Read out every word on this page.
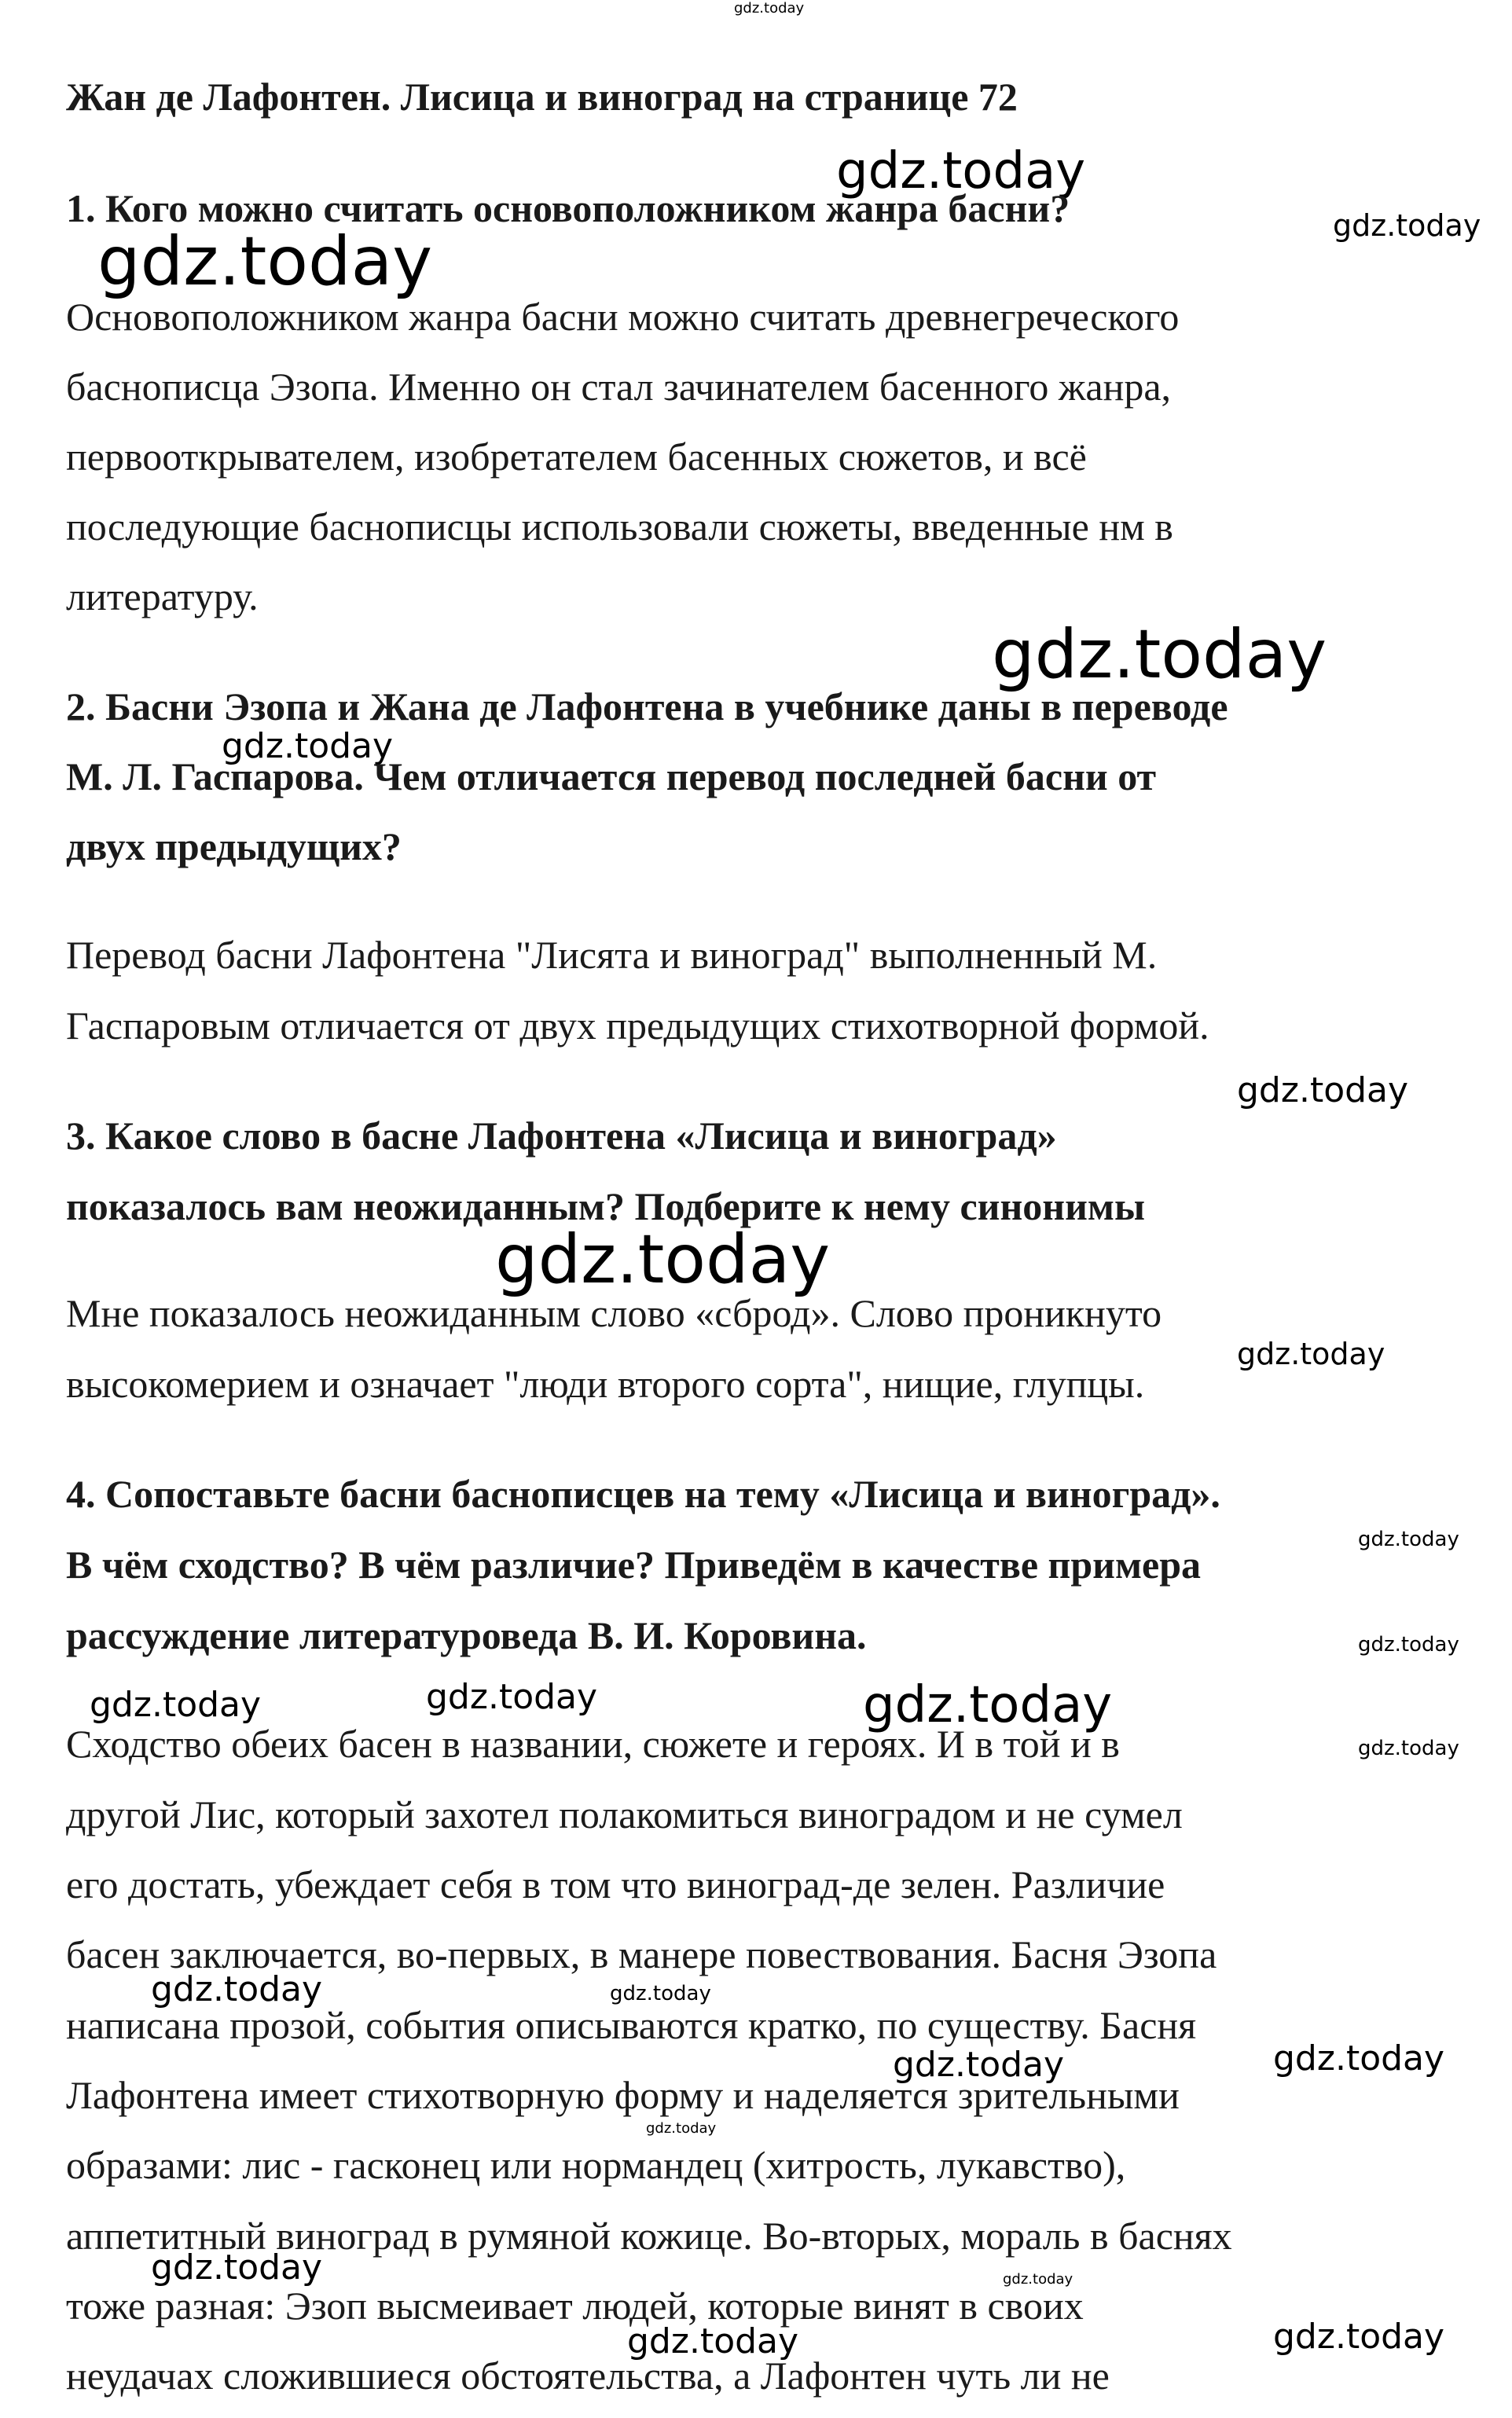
gdz.today
gdz.today
gdz.today
gdz.today
gdz.today
gdz.today
gdz.today
gdz.today
gdz.today
gdz.today
gdz.today
gdz.today	gdz.today	gdz.today
gdz.today
gdz.today	gdz.today
gdz.today
gdz.today
gdz.today
gdz.today	gdz.today
gdz.today
gdz.today
Жан де Лафонтен. Лисица и виноград на странице 72
1. Кого можно считать основоположником жанра басни?
Основоположником жанра басни можно считать древнегреческого
баснописца Эзопа. Именно он стал зачинателем басенного жанра,
первооткрывателем, изобретателем басенных сюжетов, и всё
последующие баснописцы использовали сюжеты, введенные нм в
литературу.
2. Басни Эзопа и Жана де Лафонтена в учебнике даны в переводе
М. Л. Гаспарова. Чем отличается перевод последней басни от
двух предыдущих?
Перевод басни Лафонтена "Лисята и виноград" выполненный М.
Гаспаровым отличается от двух предыдущих стихотворной формой.
3. Какое слово в басне Лафонтена «Лисица и виноград»
показалось вам неожиданным? Подберите к нему синонимы
Мне показалось неожиданным слово «сброд». Слово проникнуто
высокомерием и означает "люди второго сорта", нищие, глупцы.
4. Сопоставьте басни баснописцев на тему «Лисица и виноград».
В чём сходство? В чём различие? Приведём в качестве примера
рассуждение литературоведа В. И. Коровина.
Сходство обеих басен в названии, сюжете и героях. И в той и в
другой Лис, который захотел полакомиться виноградом и не сумел
его достать, убеждает себя в том что виноград-де зелен. Различие
басен заключается, во-первых, в манере повествования. Басня Эзопа
написана прозой, события описываются кратко, по существу. Басня
Лафонтена имеет стихотворную форму и наделяется зрительными
образами: лис - гасконец или нормандец (хитрость, лукавство),
аппетитный виноград в румяной кожице. Во-вторых, мораль в баснях
тоже разная: Эзоп высмеивает людей, которые винят в своих
неудачах сложившиеся обстоятельства, а Лафонтен чуть ли не
